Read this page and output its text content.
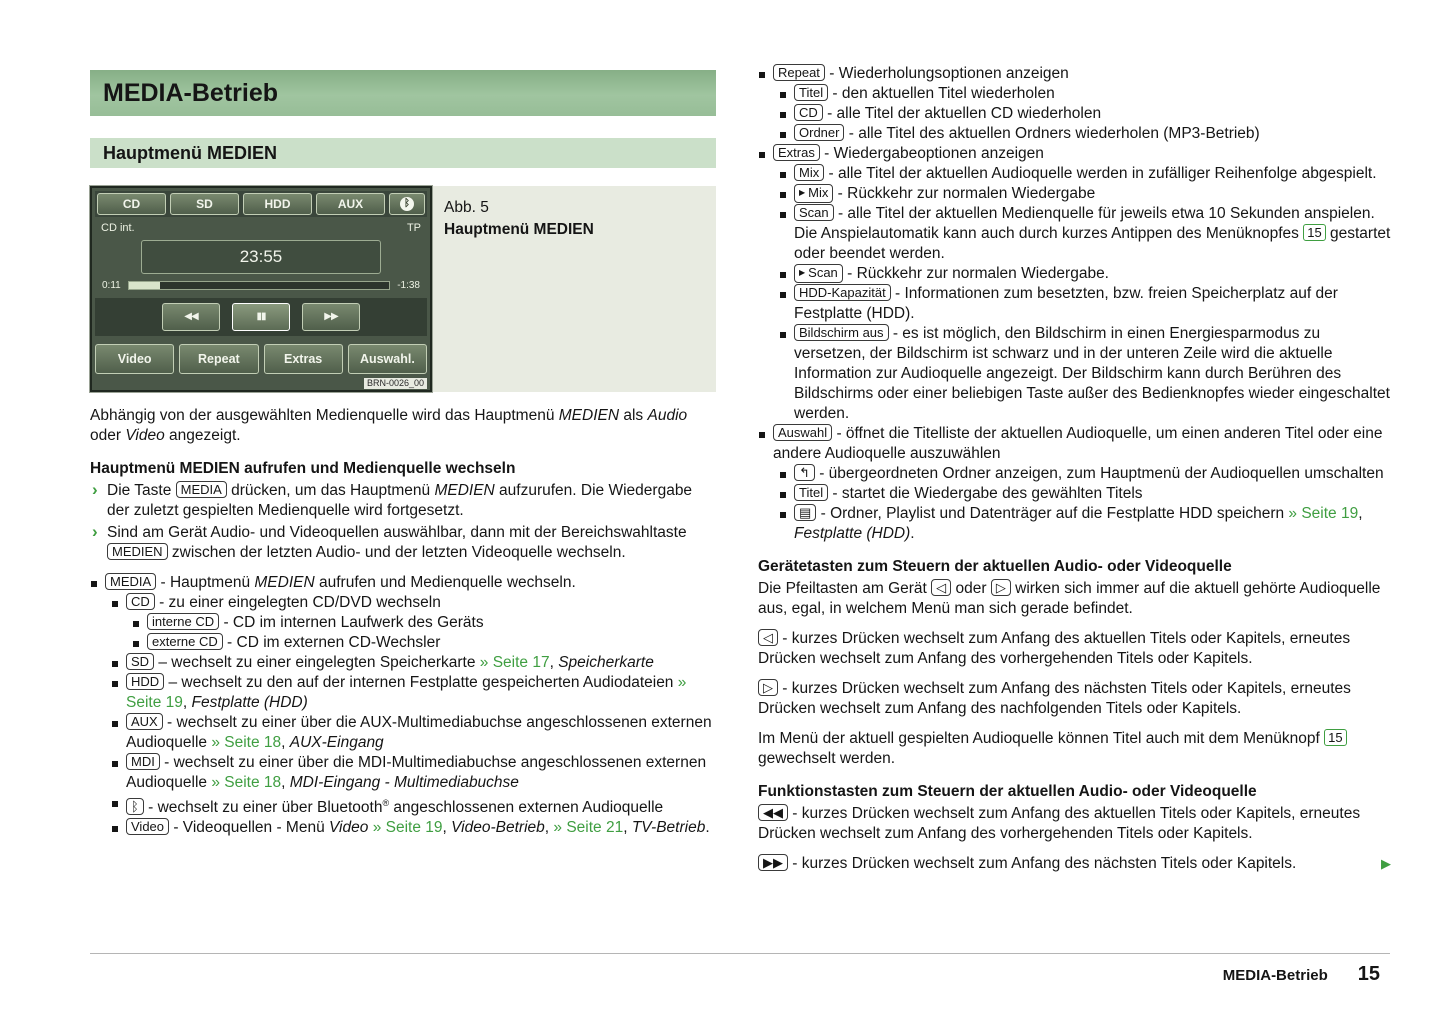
MEDIA-Betrieb
Hauptmenü MEDIEN
CD	SD	HDD	AUX	ᛒ
CD int.	TP
23:55
0:11	-1:38
◀◀	▮▮	▶▶
Video	Repeat	Extras	Auswahl.
BRN-0026_00
Abb. 5
Hauptmenü MEDIEN
Abhängig von der ausgewählten Medienquelle wird das Hauptmenü MEDIEN als Audio oder Video angezeigt.
Hauptmenü MEDIEN aufrufen und Medienquelle wechseln
› Die Taste MEDIA drücken, um das Hauptmenü MEDIEN aufzurufen. Die Wiedergabe der zuletzt gespielten Medienquelle wird fortgesetzt.
› Sind am Gerät Audio- und Videoquellen auswählbar, dann mit der Bereichswahltaste MEDIEN zwischen der letzten Audio- und der letzten Videoquelle wechseln.
MEDIA - Hauptmenü MEDIEN aufrufen und Medienquelle wechseln.
CD - zu einer eingelegten CD/DVD wechseln
interne CD - CD im internen Laufwerk des Geräts
externe CD - CD im externen CD-Wechsler
SD – wechselt zu einer eingelegten Speicherkarte » Seite 17, Speicherkarte
HDD – wechselt zu den auf der internen Festplatte gespeicherten Audiodateien » Seite 19, Festplatte (HDD)
AUX - wechselt zu einer über die AUX-Multimediabuchse angeschlossenen externen Audioquelle » Seite 18, AUX-Eingang
MDI - wechselt zu einer über die MDI-Multimediabuchse angeschlossenen externen Audioquelle » Seite 18, MDI-Eingang - Multimediabuchse
ᛒ - wechselt zu einer über Bluetooth® angeschlossenen externen Audioquelle
Video - Videoquellen - Menü Video » Seite 19, Video-Betrieb, » Seite 21, TV-Betrieb.
Repeat - Wiederholungsoptionen anzeigen
Titel - den aktuellen Titel wiederholen
CD - alle Titel der aktuellen CD wiederholen
Ordner - alle Titel des aktuellen Ordners wiederholen (MP3-Betrieb)
Extras - Wiedergabeoptionen anzeigen
Mix - alle Titel der aktuellen Audioquelle werden in zufälliger Reihenfolge abgespielt.
▶ Mix - Rückkehr zur normalen Wiedergabe
Scan - alle Titel der aktuellen Medienquelle für jeweils etwa 10 Sekunden anspielen. Die Anspielautomatik kann auch durch kurzes Antippen des Menüknopfes 15 gestartet oder beendet werden.
▶ Scan - Rückkehr zur normalen Wiedergabe.
HDD-Kapazität - Informationen zum besetzten, bzw. freien Speicherplatz auf der Festplatte (HDD).
Bildschirm aus - es ist möglich, den Bildschirm in einen Energiesparmodus zu versetzen, der Bildschirm ist schwarz und in der unteren Zeile wird die aktuelle Information zur Audioquelle angezeigt. Der Bildschirm kann durch Berühren des Bildschirms oder einer beliebigen Taste außer des Bedienknopfes wieder eingeschaltet werden.
Auswahl - öffnet die Titelliste der aktuellen Audioquelle, um einen anderen Titel oder eine andere Audioquelle auszuwählen
↰ - übergeordneten Ordner anzeigen, zum Hauptmenü der Audioquellen umschalten
Titel - startet die Wiedergabe des gewählten Titels
▤ - Ordner, Playlist und Datenträger auf die Festplatte HDD speichern » Seite 19, Festplatte (HDD).
Gerätetasten zum Steuern der aktuellen Audio- oder Videoquelle
Die Pfeiltasten am Gerät ◁ oder ▷ wirken sich immer auf die aktuell gehörte Audioquelle aus, egal, in welchem Menü man sich gerade befindet.
◁ - kurzes Drücken wechselt zum Anfang des aktuellen Titels oder Kapitels, erneutes Drücken wechselt zum Anfang des vorhergehenden Titels oder Kapitels.
▷ - kurzes Drücken wechselt zum Anfang des nächsten Titels oder Kapitels, erneutes Drücken wechselt zum Anfang des nachfolgenden Titels oder Kapitels.
Im Menü der aktuell gespielten Audioquelle können Titel auch mit dem Menüknopf 15 gewechselt werden.
Funktionstasten zum Steuern der aktuellen Audio- oder Videoquelle
◀◀ - kurzes Drücken wechselt zum Anfang des aktuellen Titels oder Kapitels, erneutes Drücken wechselt zum Anfang des vorhergehenden Titels oder Kapitels.
▶
▶▶ - kurzes Drücken wechselt zum Anfang des nächsten Titels oder Kapitels.
MEDIA-Betrieb 15
